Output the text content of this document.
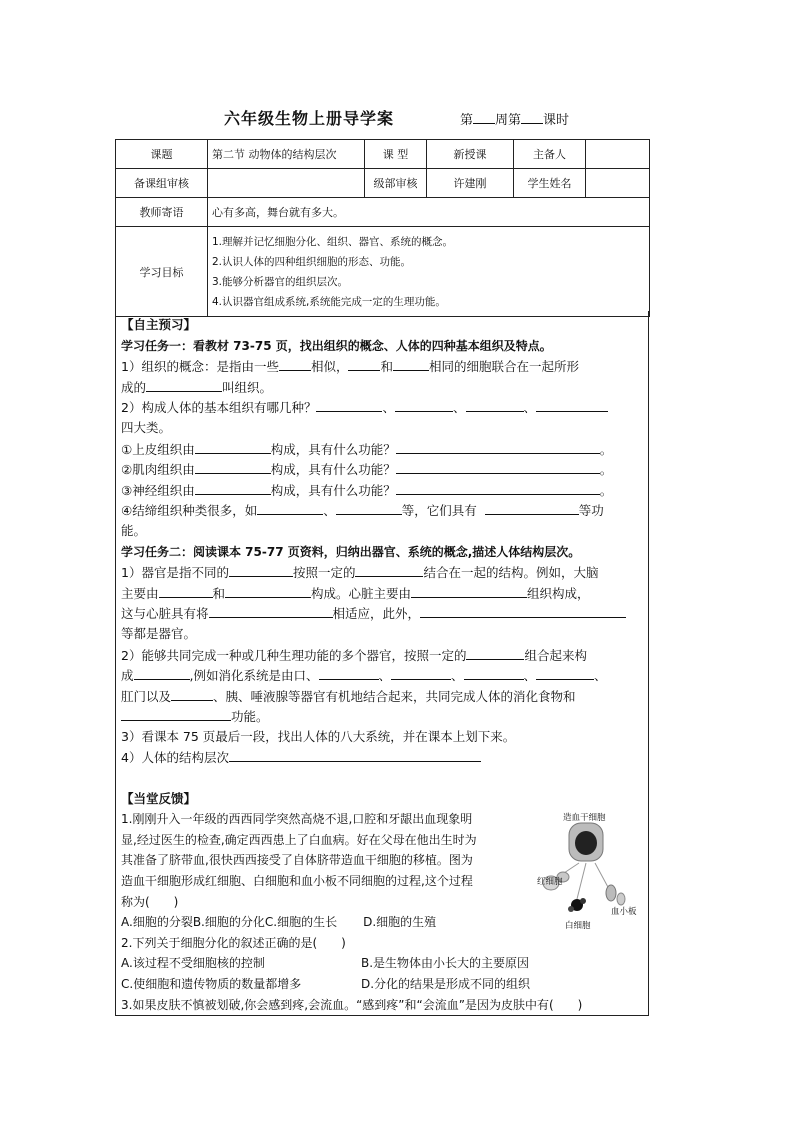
六年级生物上册导学案	第 周第 课时
课题	第二节 动物体的结构层次	课 型	新授课	主备人	
备课组审核		级部审核	许建刚	学生姓名	
教师寄语	心有多高，舞台就有多大。				
学习目标	1.理解并记忆细胞分化、组织、器官、系统的概念。
2.认识人体的四种组织细胞的形态、功能。
3.能够分析器官的组织层次。
4.认识器官组成系统,系统能完成一定的生理功能。				
【自主预习】
学习任务一：看教材 73-75 页，找出组织的概念、人体的四种基本组织及特点。
1）组织的概念：是指由一些	相似，	和	相同的细胞联合在一起所形
成的	叫组织。
2）构成人体的基本组织有哪几种？	、	、	、
四大类。
①上皮组织由	构成，具有什么功能？	。
②肌肉组织由	构成，具有什么功能？	。
③神经组织由	构成，具有什么功能？	。
④结缔组织种类很多，如	、	等，它们具有	等功
能。
学习任务二：阅读课本 75-77 页资料，归纳出器官、系统的概念,描述人体结构层次。
1）器官是指不同的	按照一定的	结合在一起的结构。例如，大脑
主要由	和	构成。心脏主要由	组织构成，
这与心脏具有将	相适应，此外，
等都是器官。
2）能够共同完成一种或几种生理功能的多个器官，按照一定的	组合起来构
成	,例如消化系统是由口、	、	、	、	、
肛门以及	、胰、唾液腺等器官有机地结合起来，共同完成人体的消化食物和
功能。
3）看课本 75 页最后一段，找出人体的八大系统，并在课本上划下来。
4）人体的结构层次
【当堂反馈】
1.刚刚升入一年级的西西同学突然高烧不退,口腔和牙龈出血现象明
显,经过医生的检查,确定西西患上了白血病。好在父母在他出生时为
其准备了脐带血,很快西西接受了自体脐带造血干细胞的移植。图为
造血干细胞形成红细胞、白细胞和血小板不同细胞的过程,这个过程
称为(　　)
A.细胞的分裂B.细胞的分化C.细胞的生长 D.细胞的生殖
2.下列关于细胞分化的叙述正确的是(　　)
A.该过程不受细胞核的控制	B.是生物体由小长大的主要原因
C.使细胞和遗传物质的数量都增多	D.分化的结果是形成不同的组织
3.如果皮肤不慎被划破,你会感到疼,会流血。“感到疼”和“会流血”是因为皮肤中有(　　)
造血干细胞
红细胞
血小板
白细胞
